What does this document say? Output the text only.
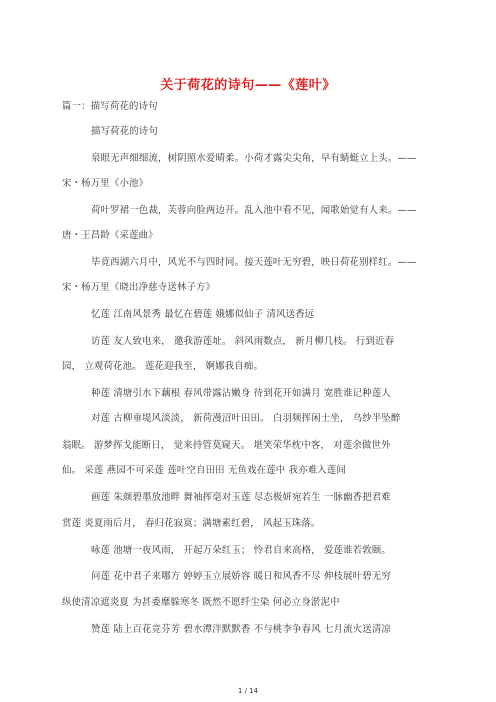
关于荷花的诗句——《莲叶》
篇一：描写荷花的诗句
描写荷花的诗句
泉眼无声细细流，树阴照水爱晴柔。小荷才露尖尖角，早有蜻蜓立上头。——
宋・杨万里《小池》
荷叶罗裙一色裁，芙蓉向脸两边开。乱入池中看不见，闻歌始觉有人来。——
唐・王昌龄《采莲曲》
毕竟西湖六月中，风光不与四时同。接天莲叶无穷碧，映日荷花别样红。——
宋・杨万里《晓出净慈寺送林子方》
忆莲 江南风景秀 最忆在碧莲 娥娜似仙子 清风送香远
访莲 友人致电来， 邀我游莲址。 斜风雨数点， 新月柳几枝。 行到近春
园， 立观荷花池。 莲花迎我至， 婀娜我自痴。
种莲 清塘引水下藕根 春风带露沾嫩身 待到花开如满月 宽胜谁记种莲人
对莲 古柳垂堤风淡淡， 新荷漫沼叶田田。 白羽频挥闲士坐， 乌纱半坠醉
翁眠。 游梦挥戈能断日， 觉来持管莫窥天。 堪笑荣华枕中客， 对莲余做世外
仙。 采莲 燕园不可采莲 莲叶空自田田 无鱼戏在莲中 我亦难入莲间
画莲 朱颜碧墨放池畔 舞袖挥毫对玉莲 尽态极妍宛若生 一脉幽香把君难
赏莲 炎夏雨后月， 春归花寂寞；满塘素红碧， 风起玉珠落。
咏莲 池塘一夜风雨， 开起万朵红玉； 怜君自来高格， 爱莲谁若敦颐。
问莲 花中君子来哪方 婷婷玉立展娇容 暖日和风香不尽 伸枝展叶碧无穷
纵使清凉遮炎夏 为甚委靡躲寒冬 既然不愿纤尘染 何必立身淤泥中
赞莲 陆上百花竞芬芳 碧水潭泮默默香 不与桃李争春风 七月流火送清凉
1 / 14
